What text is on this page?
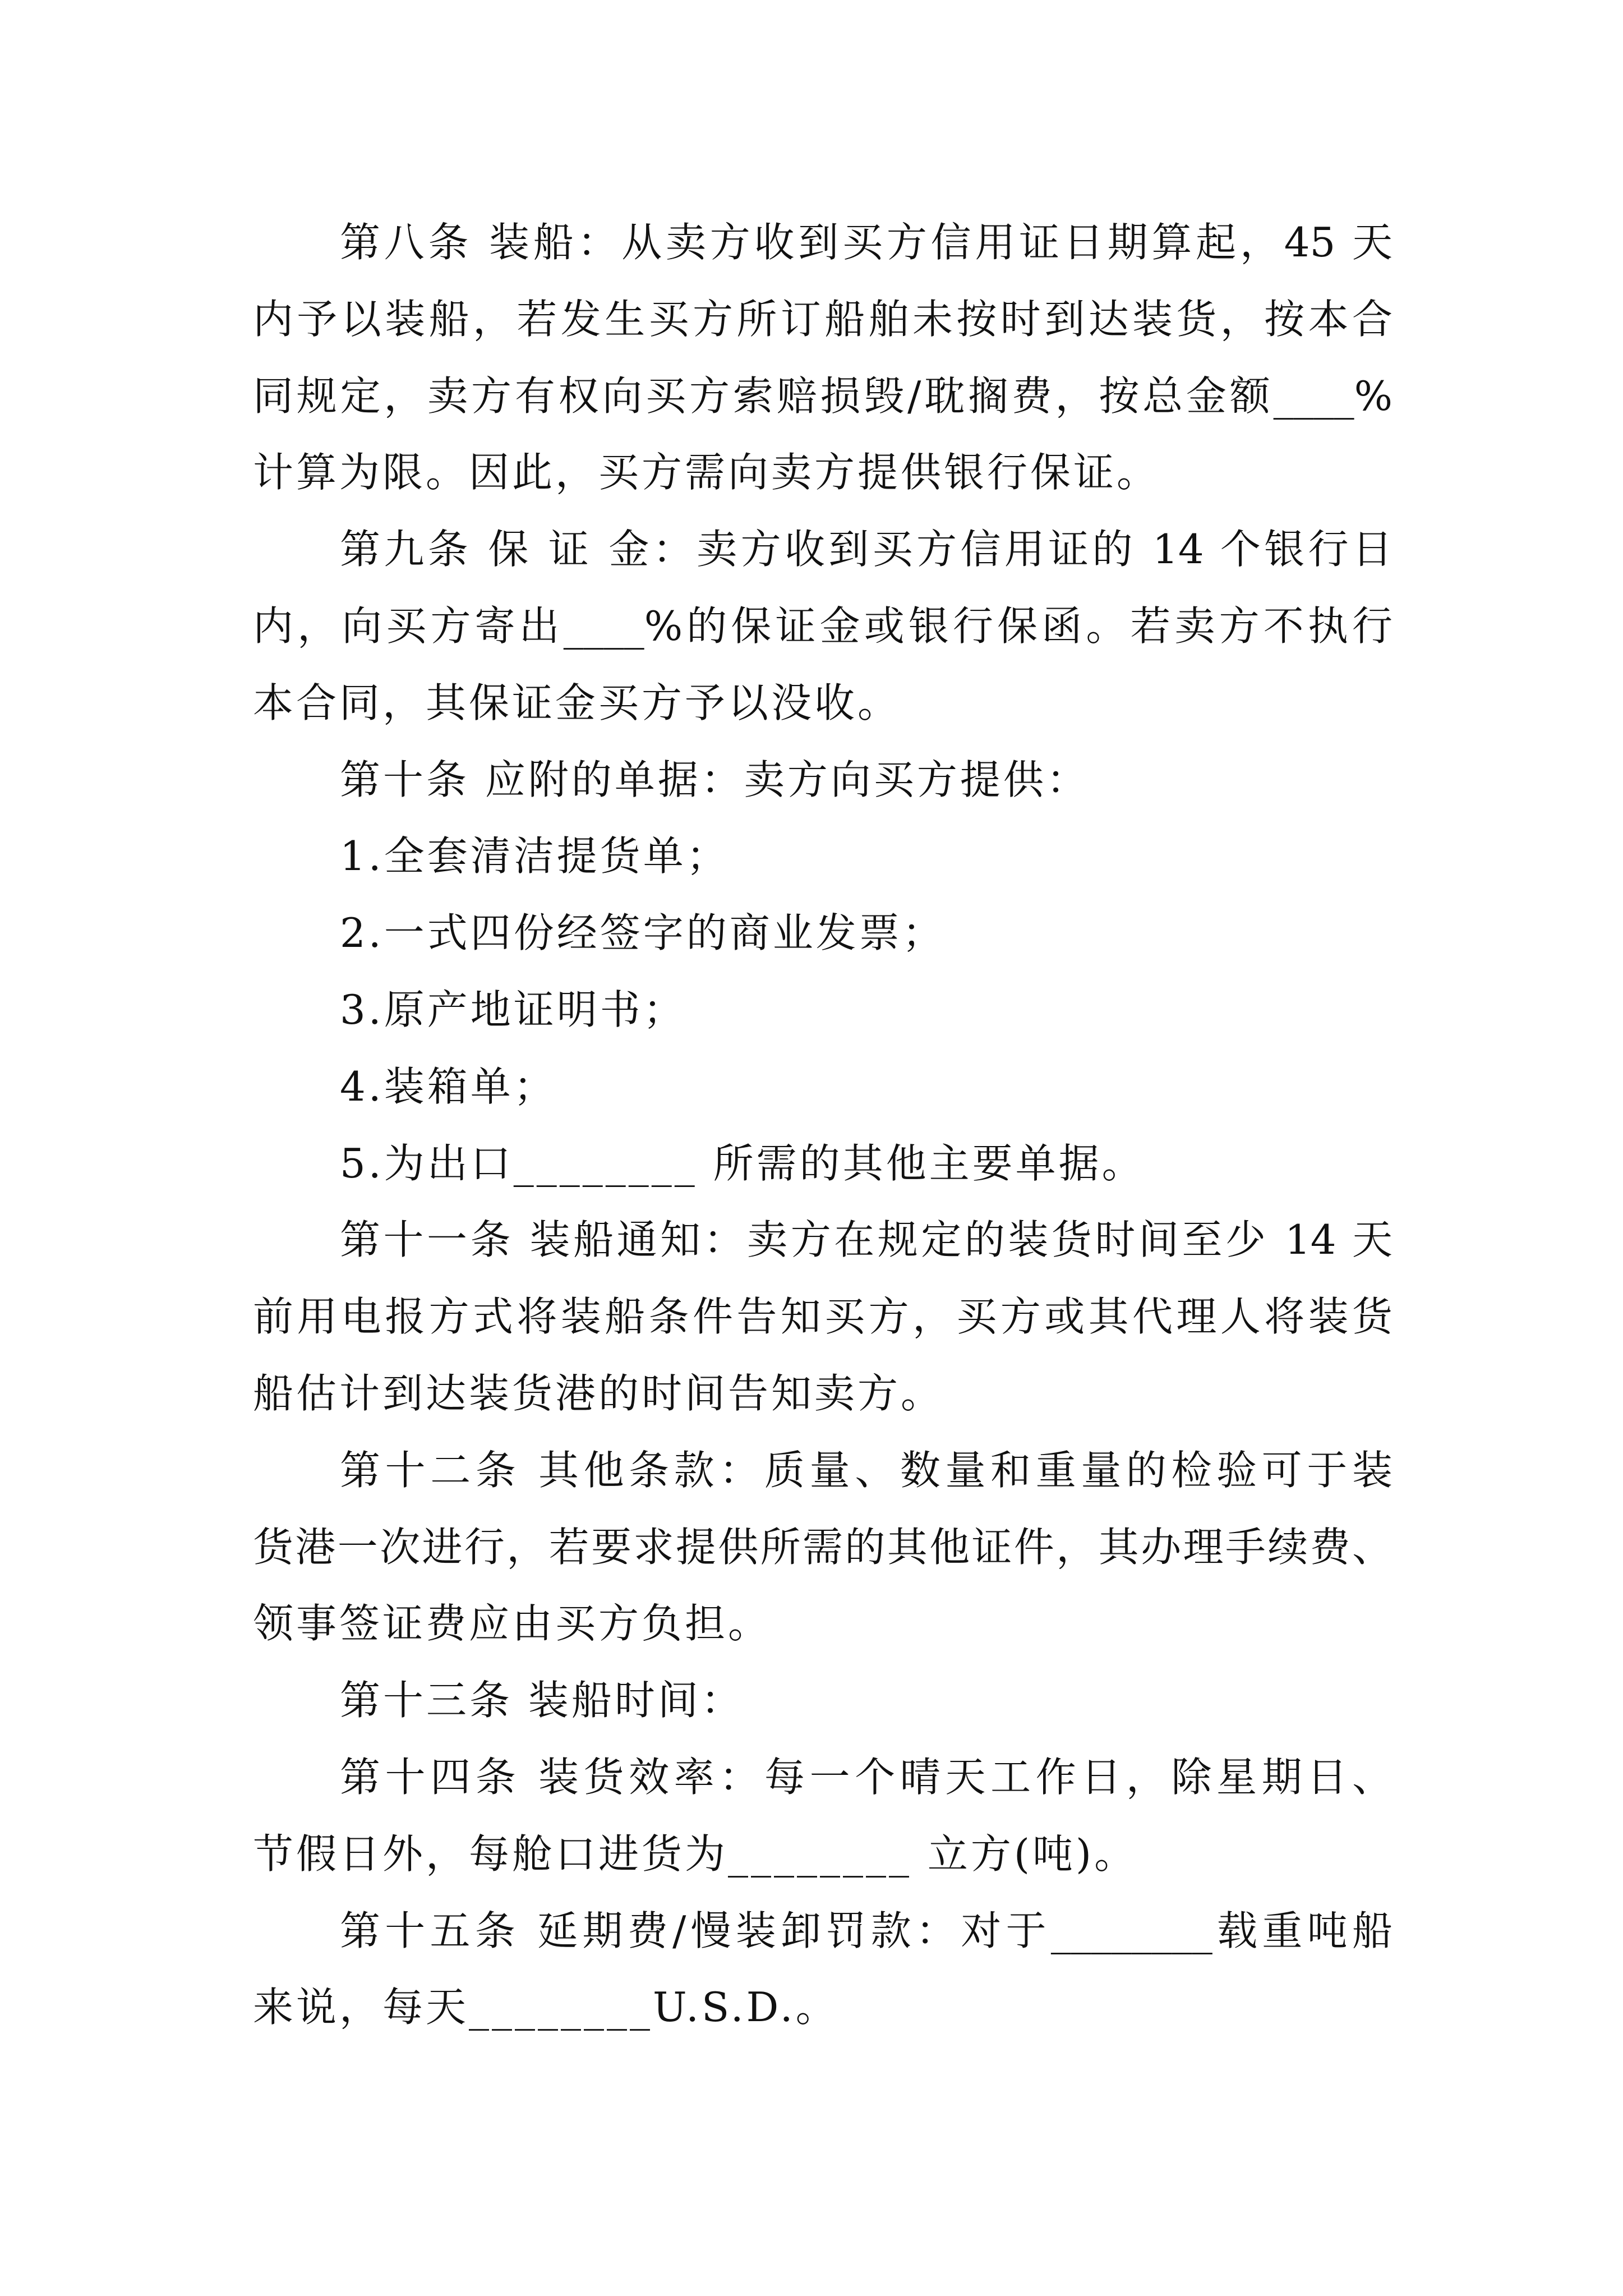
第八条 装船：从卖方收到买方信用证日期算起，45 天
内予以装船，若发生买方所订船舶未按时到达装货，按本合
同规定，卖方有权向买方索赔损毁/耽搁费，按总金额____%
计算为限。因此，买方需向卖方提供银行保证。
第九条 保 证 金：卖方收到买方信用证的 14 个银行日
内，向买方寄出____%的保证金或银行保函。若卖方不执行
本合同，其保证金买方予以没收。
第十条 应附的单据：卖方向买方提供：
1.全套清洁提货单；
2.一式四份经签字的商业发票；
3.原产地证明书；
4.装箱单；
5.为出口________ 所需的其他主要单据。
第十一条 装船通知：卖方在规定的装货时间至少 14 天
前用电报方式将装船条件告知买方，买方或其代理人将装货
船估计到达装货港的时间告知卖方。
第十二条 其他条款：质量、数量和重量的检验可于装
货港一次进行，若要求提供所需的其他证件，其办理手续费、
领事签证费应由买方负担。
第十三条 装船时间：
第十四条 装货效率：每一个晴天工作日，除星期日、
节假日外，每舱口进货为________ 立方(吨)。
第十五条 延期费/慢装卸罚款：对于________载重吨船
来说，每天________U.S.D.。
